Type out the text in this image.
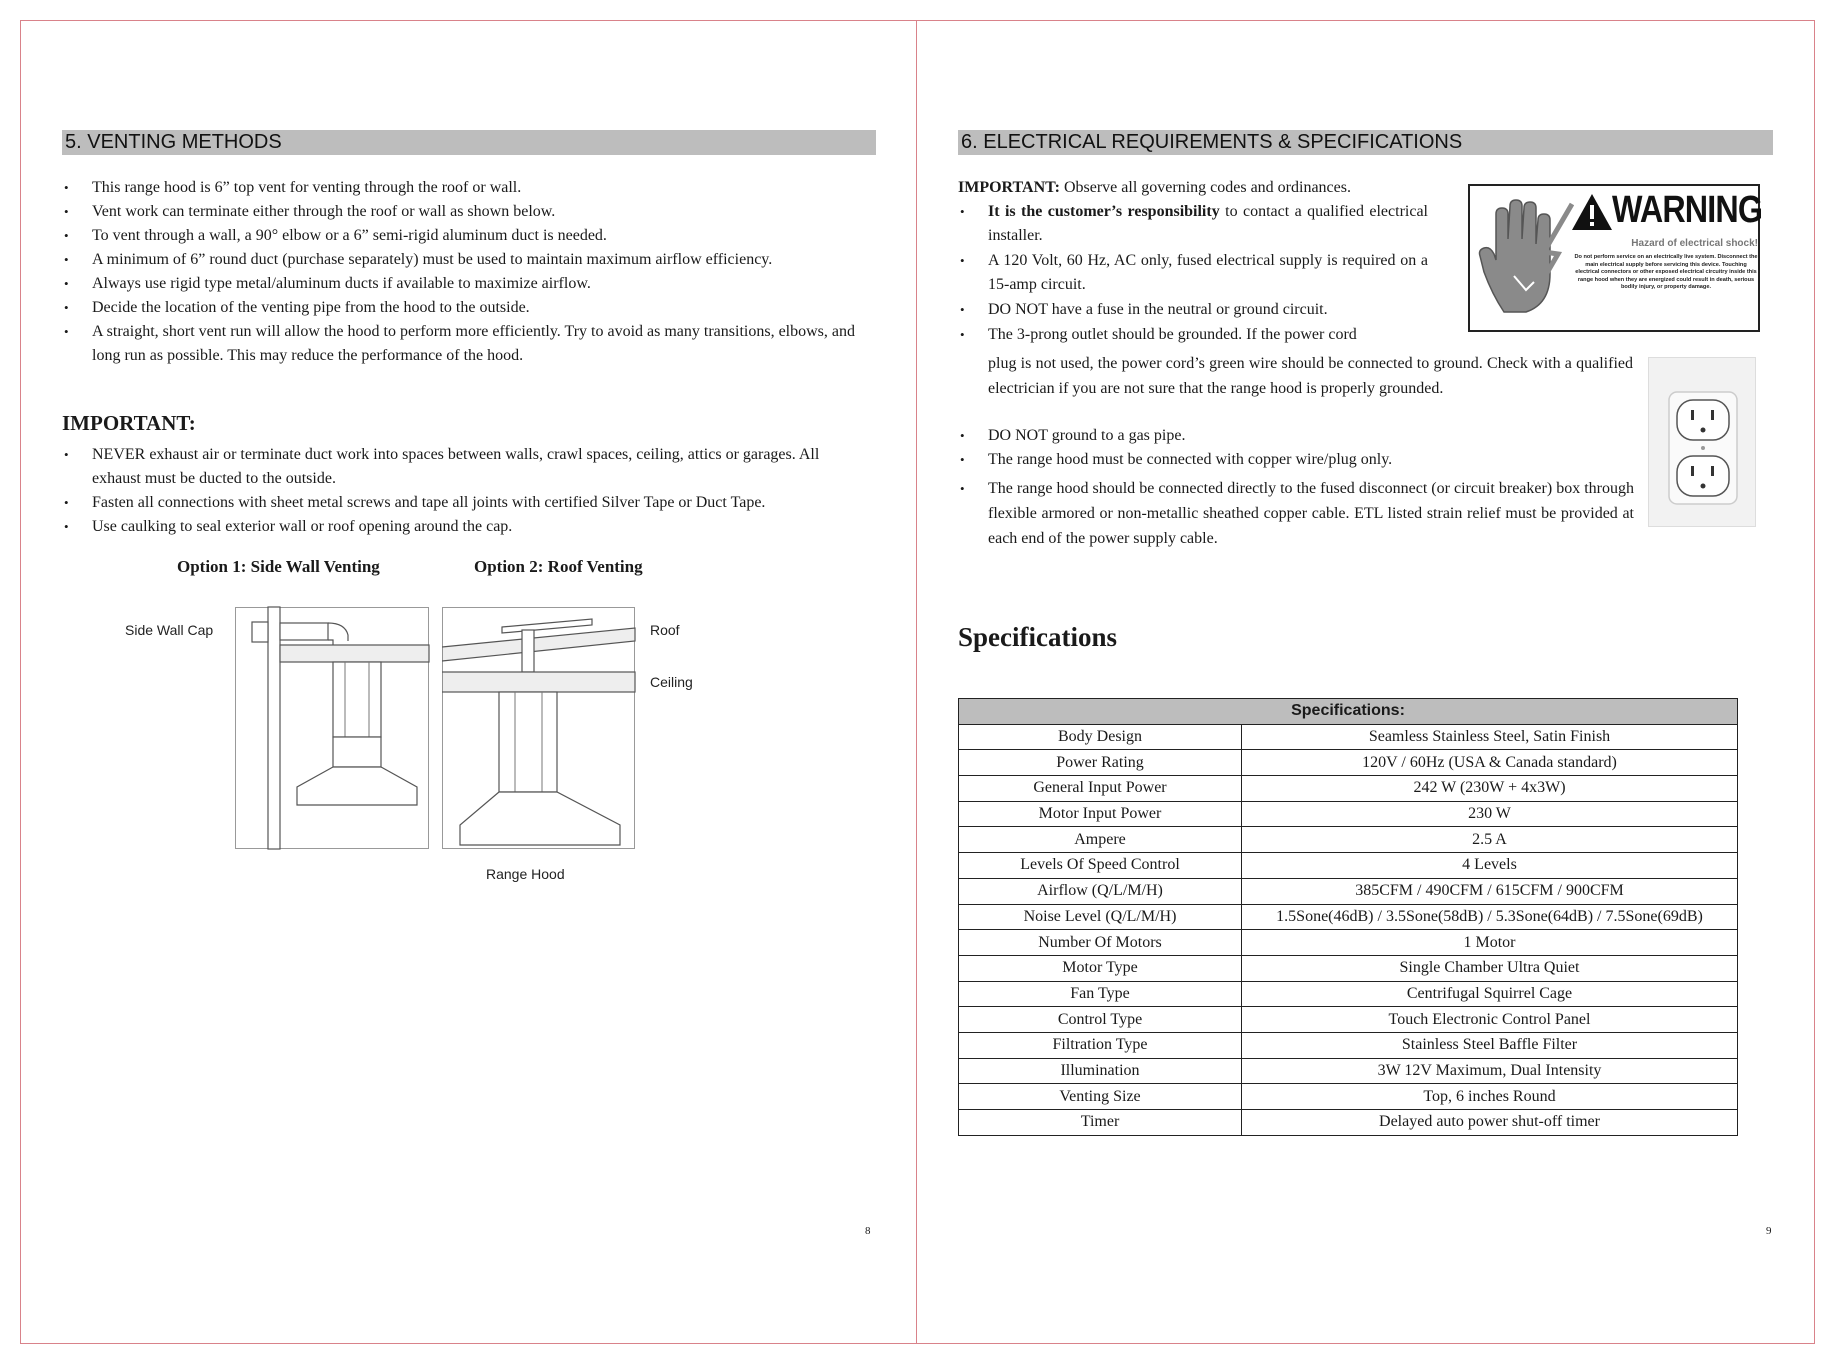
5. VENTING METHODS
• This range hood is 6” top vent for venting through the roof or wall.
• Vent work can terminate either through the roof or wall as shown below.
• To vent through a wall, a 90° elbow or a 6” semi-rigid aluminum duct is needed.
• A minimum of 6” round duct (purchase separately) must be used to maintain maximum airflow efficiency.
• Always use rigid type metal/aluminum ducts if available to maximize airflow.
• Decide the location of the venting pipe from the hood to the outside.
• A straight, short vent run will allow the hood to perform more efficiently. Try to avoid as many transitions, elbows, and long run as possible. This may reduce the performance of the hood.
IMPORTANT:
• NEVER exhaust air or terminate duct work into spaces between walls, crawl spaces, ceiling, attics or garages. All exhaust must be ducted to the outside.
• Fasten all connections with sheet metal screws and tape all joints with certified Silver Tape or Duct Tape.
• Use caulking to seal exterior wall or roof opening around the cap.
Option 1: Side Wall Venting	Option 2: Roof Venting
Side Wall Cap	Roof
Ceiling
Range Hood
8
6. ELECTRICAL REQUIREMENTS & SPECIFICATIONS
IMPORTANT: Observe all governing codes and ordinances.
• It is the customer’s responsibility to contact a qualified electrical installer.
• A 120 Volt, 60 Hz, AC only, fused electrical supply is required on a 15-amp circuit.
• DO NOT have a fuse in the neutral or ground circuit.
• The 3-prong outlet should be grounded. If the power cord
plug is not used, the power cord’s green wire should be connected to ground. Check with a qualified electrician if you are not sure that the range hood is properly grounded.
• DO NOT ground to a gas pipe.
• The range hood must be connected with copper wire/plug only.
• The range hood should be connected directly to the fused disconnect (or circuit breaker) box through flexible armored or non-metallic sheathed copper cable. ETL listed strain relief must be provided at each end of the power supply cable.
WARNING
Hazard of electrical shock!
Do not perform service on an electrically live system. Disconnect the main electrical supply before servicing this device. Touching electrical connectors or other exposed electrical circuitry inside this range hood when they are energized could result in death, serious bodily injury, or property damage.
Specifications
Specifications:	
Body Design	Seamless Stainless Steel, Satin Finish
Power Rating	120V / 60Hz (USA & Canada standard)
General Input Power	242 W (230W + 4x3W)
Motor Input Power	230 W
Ampere	2.5 A
Levels Of Speed Control	4 Levels
Airflow (Q/L/M/H)	385CFM / 490CFM / 615CFM / 900CFM
Noise Level (Q/L/M/H)	1.5Sone(46dB) / 3.5Sone(58dB) / 5.3Sone(64dB) / 7.5Sone(69dB)
Number Of Motors	1 Motor
Motor Type	Single Chamber Ultra Quiet
Fan Type	Centrifugal Squirrel Cage
Control Type	Touch Electronic Control Panel
Filtration Type	Stainless Steel Baffle Filter
Illumination	3W 12V Maximum, Dual Intensity
Venting Size	Top, 6 inches Round
Timer	Delayed auto power shut-off timer
9
